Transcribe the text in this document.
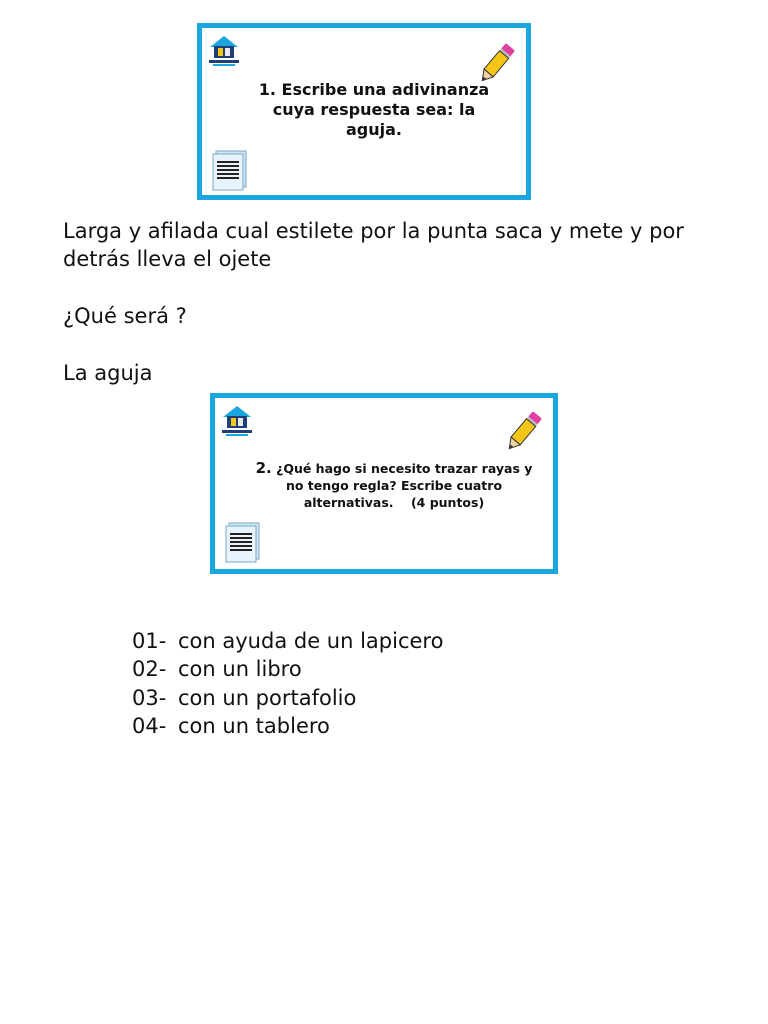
1. Escribe una adivinanza cuya respuesta sea: la aguja.
Larga y afilada cual estilete por la punta saca y mete y por detrás lleva el ojete
¿Qué será ?
La aguja
2. ¿Qué hago si necesito trazar rayas y no tengo regla? Escribe cuatro alternativas. (4 puntos)
01- con ayuda de un lapicero
02- con un libro
03- con un portafolio
04- con un tablero
